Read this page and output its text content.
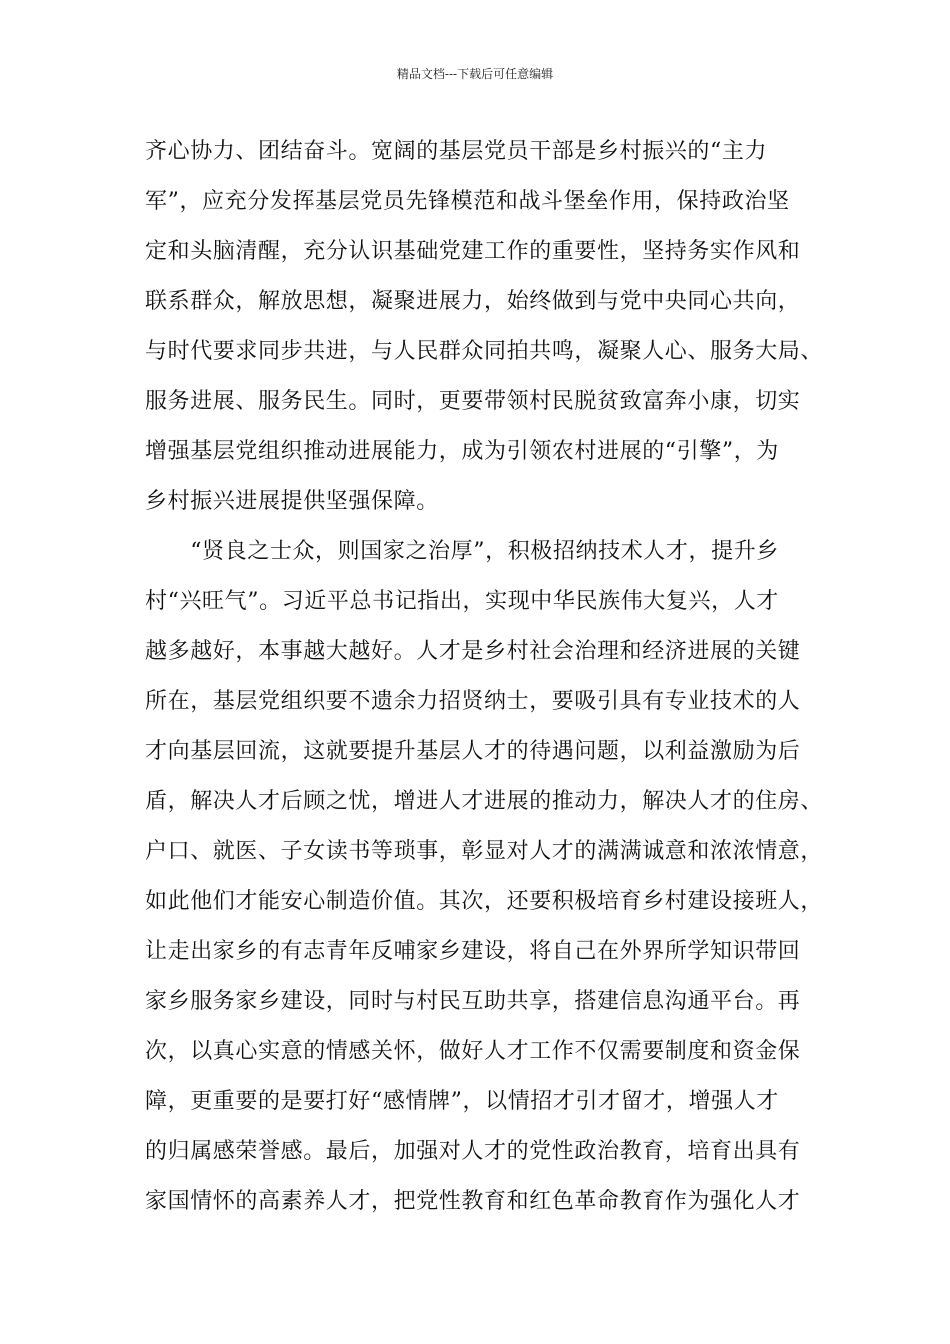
精品文档---下载后可任意编辑
齐心协力、团结奋斗。宽阔的基层党员干部是乡村振兴的“主力
军”，应充分发挥基层党员先锋模范和战斗堡垒作用，保持政治坚
定和头脑清醒，充分认识基础党建工作的重要性，坚持务实作风和
联系群众，解放思想，凝聚进展力，始终做到与党中央同心共向，
与时代要求同步共进，与人民群众同拍共鸣，凝聚人心、服务大局、
服务进展、服务民生。同时，更要带领村民脱贫致富奔小康，切实
增强基层党组织推动进展能力，成为引领农村进展的“引擎”，为
乡村振兴进展提供坚强保障。
　　“贤良之士众，则国家之治厚”，积极招纳技术人才，提升乡
村“兴旺气”。习近平总书记指出，实现中华民族伟大复兴，人才
越多越好，本事越大越好。人才是乡村社会治理和经济进展的关键
所在，基层党组织要不遗余力招贤纳士，要吸引具有专业技术的人
才向基层回流，这就要提升基层人才的待遇问题，以利益激励为后
盾，解决人才后顾之忧，增进人才进展的推动力，解决人才的住房、
户口、就医、子女读书等琐事，彰显对人才的满满诚意和浓浓情意，
如此他们才能安心制造价值。其次，还要积极培育乡村建设接班人，
让走出家乡的有志青年反哺家乡建设，将自己在外界所学知识带回
家乡服务家乡建设，同时与村民互助共享，搭建信息沟通平台。再
次，以真心实意的情感关怀，做好人才工作不仅需要制度和资金保
障，更重要的是要打好“感情牌”，以情招才引才留才，增强人才
的归属感荣誉感。最后，加强对人才的党性政治教育，培育出具有
家国情怀的高素养人才，把党性教育和红色革命教育作为强化人才
